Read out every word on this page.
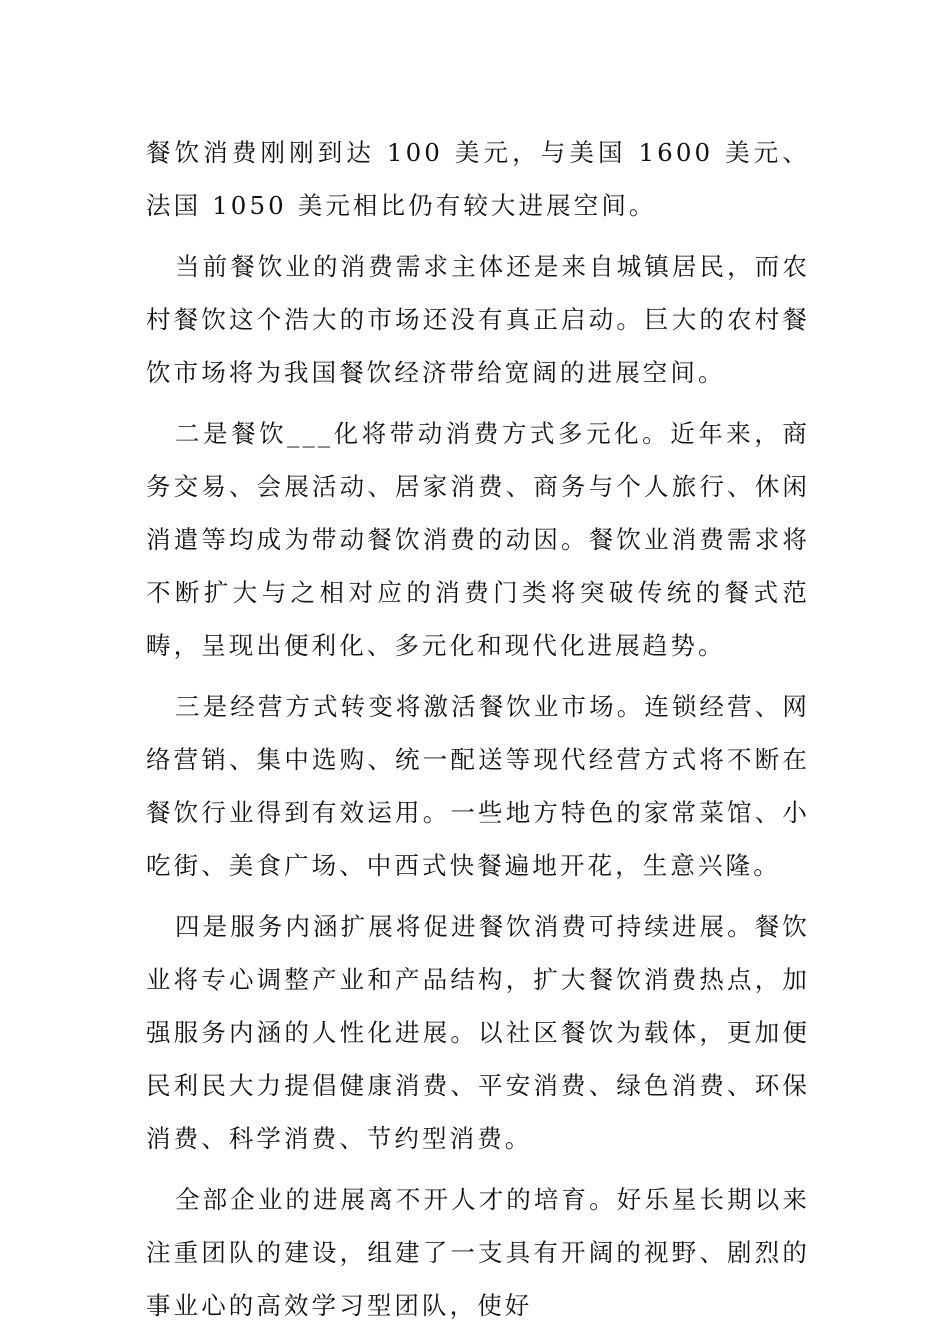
餐饮消费刚刚到达 100 美元，与美国 1600 美元、法国 1050 美元相比仍有较大进展空间。

当前餐饮业的消费需求主体还是来自城镇居民，而农村餐饮这个浩大的市场还没有真正启动。巨大的农村餐饮市场将为我国餐饮经济带给宽阔的进展空间。

二是餐饮___化将带动消费方式多元化。近年来，商务交易、会展活动、居家消费、商务与个人旅行、休闲消遣等均成为带动餐饮消费的动因。餐饮业消费需求将不断扩大与之相对应的消费门类将突破传统的餐式范畴，呈现出便利化、多元化和现代化进展趋势。

三是经营方式转变将激活餐饮业市场。连锁经营、网络营销、集中选购、统一配送等现代经营方式将不断在餐饮行业得到有效运用。一些地方特色的家常菜馆、小吃街、美食广场、中西式快餐遍地开花，生意兴隆。

四是服务内涵扩展将促进餐饮消费可持续进展。餐饮业将专心调整产业和产品结构，扩大餐饮消费热点，加强服务内涵的人性化进展。以社区餐饮为载体，更加便民利民大力提倡健康消费、平安消费、绿色消费、环保消费、科学消费、节约型消费。

全部企业的进展离不开人才的培育。好乐星长期以来注重团队的建设，组建了一支具有开阔的视野、剧烈的事业心的高效学习型团队，使好
